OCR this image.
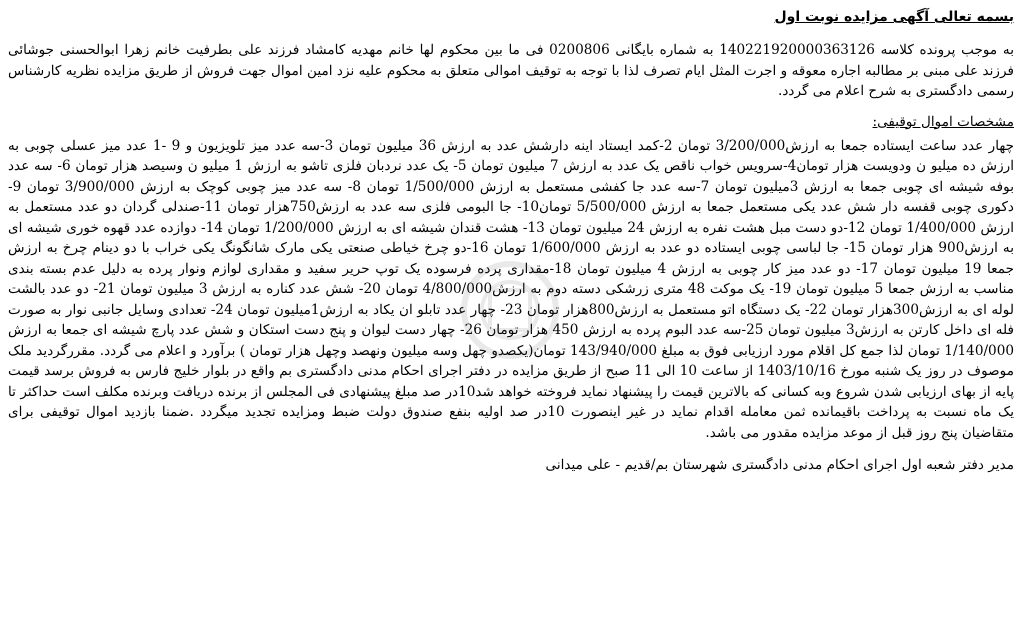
بسمه تعالی آگهی مزایده نوبت اول

به موجب پرونده کلاسه 140221920000363126 به شماره بایگانی 0200806 فی ما بین محکوم لها خانم مهدیه کامشاد فرزند علی بطرفیت خانم زهرا ابوالحسنی جوشائی فرزند علی مبنی بر مطالبه اجاره معوقه و اجرت المثل ایام تصرف لذا با توجه به توقیف اموالی متعلق به محکوم علیه نزد امین اموال جهت فروش از طریق مزایده نظریه کارشناس رسمی دادگستری به شرح اعلام می گردد.

مشخصات اموال توقیفی:

چهار عدد ساعت ایستاده جمعا به ارزش3/200/000 تومان 2-کمد ایستاد اینه دارشش عدد به ارزش 36 میلیون تومان 3-سه عدد میز تلویزیون و 9 -1 عدد میز عسلی چوبی به ارزش ده میلیو ن ودویست هزار تومان4-سرویس خواب ناقص یک عدد به ارزش 7 میلیون تومان 5- یک عدد نردبان فلزی تاشو به ارزش 1 میلیو ن وسیصد هزار تومان 6- سه عدد بوفه شیشه ای چوبی جمعا به ارزش 3میلیون تومان 7-سه عدد جا کفشی مستعمل به ارزش 1/500/000 تومان 8- سه عدد میز چوبی کوچک به ارزش 3/900/000 تومان 9- دکوری چوبی قفسه دار شش عدد یکی مستعمل جمعا به ارزش 5/500/000 تومان10- جا البومی فلزی سه عدد به ارزش750هزار تومان 11-صندلی گردان دو عدد مستعمل به ارزش 1/400/000 تومان 12-دو دست مبل هشت نفره به ارزش 24 میلیون تومان 13- هشت قندان شیشه ای به ارزش 1/200/000 تومان 14- دوازده عدد قهوه خوری شیشه ای به ارزش900 هزار تومان 15- جا لباسی چوبی ایستاده دو عدد به ارزش 1/600/000 تومان 16-دو چرخ خیاطی صنعتی یکی مارک شانگونگ یکی خراب با دو دینام چرخ به ارزش جمعا 19 میلیون تومان 17- دو عدد میز کار چوبی به ارزش 4 میلیون تومان 18-مقداری پرده فرسوده یک توپ حریر سفید و مقداری لوازم ونوار پرده به دلیل عدم بسته بندی مناسب به ارزش جمعا 5 میلیون تومان 19- یک موکت 48 متری زرشکی دسته دوم به ارزش4/800/000 تومان 20- شش عدد کناره به ارزش 3 میلیون تومان 21- دو عدد بالشت لوله ای به ارزش300هزار تومان 22- یک دستگاه اتو مستعمل به ارزش800هزار تومان 23- چهار عدد تابلو ان یکاد به ارزش1میلیون تومان 24- تعدادی وسایل جانبی نوار به صورت فله ای داخل کارتن به ارزش3 میلیون تومان 25-سه عدد البوم پرده به ارزش 450 هزار تومان 26- چهار دست لیوان و پنج دست استکان و شش عدد پارچ شیشه ای جمعا به ارزش 1/140/000 تومان لذا جمع کل اقلام مورد ارزیابی فوق به مبلغ 143/940/000 تومان(یکصدو چهل وسه میلیون ونهصد وچهل هزار تومان ) برآورد و اعلام می گردد. مقررگردید ملک موصوف در روز یک شنبه مورخ 1403/10/16 از ساعت 10 الی 11 صبح از طریق مزایده در دفتر اجرای احکام مدنی دادگستری بم واقع در بلوار خلیج فارس به فروش برسد قیمت پایه از بهای ارزیابی شدن شروع وبه کسانی که بالاترین قیمت را پیشنهاد نماید فروخته خواهد شد10در صد مبلغ پیشنهادی فی المجلس از برنده دریافت وبرنده مکلف است حداکثر تا یک ماه نسبت به پرداخت باقیمانده ثمن معامله اقدام نماید در غیر اینصورت 10در صد اولیه بنفع صندوق دولت ضبط ومزایده تجدید میگردد .ضمنا بازدید اموال توقیفی برای متقاضیان پنج روز قبل از موعد مزایده مقدور می باشد.

مدیر دفتر شعبه اول اجرای احکام مدنی دادگستری شهرستان بم/قدیم - علی میدانی
